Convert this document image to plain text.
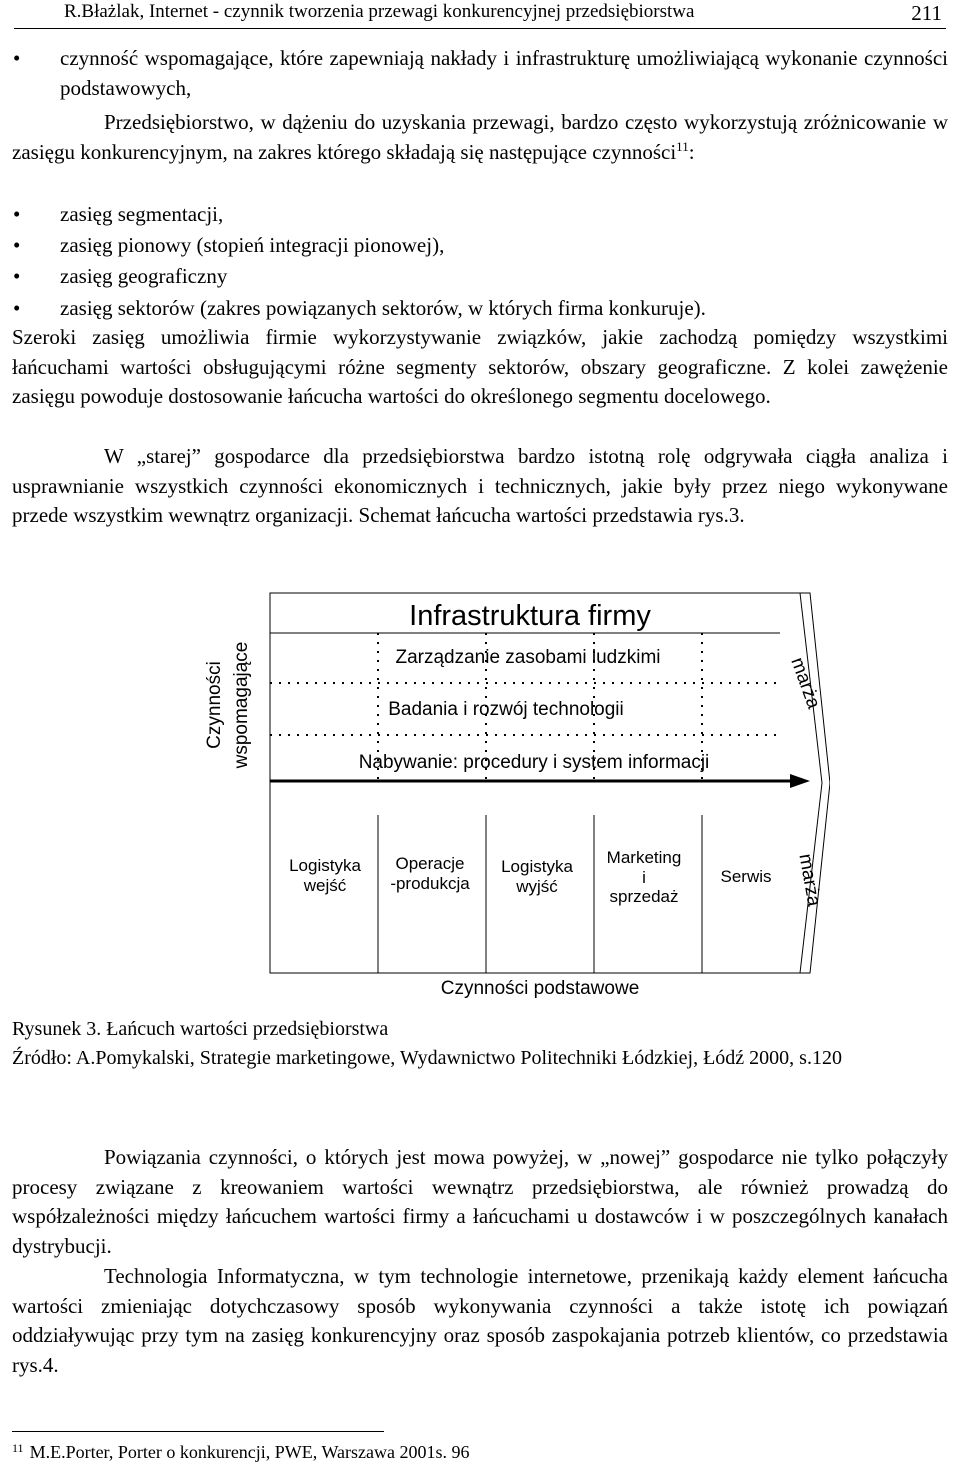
R.Błażlak, Internet - czynnik tworzenia przewagi konkurencyjnej przedsiębiorstwa	211
• czynność wspomagające, które zapewniają nakłady i infrastrukturę umożliwiającą wykonanie czynności podstawowych,

Przedsiębiorstwo, w dążeniu do uzyskania przewagi, bardzo często wykorzystują zróżnicowanie w zasięgu konkurencyjnym, na zakres którego składają się następujące czynności$^{11}$:

• zasięg segmentacji,
• zasięg pionowy (stopień integracji pionowej),
• zasięg geograficzny
• zasięg sektorów (zakres powiązanych sektorów, w których firma konkuruje).

Szeroki zasięg umożliwia firmie wykorzystywanie związków, jakie zachodzą pomiędzy wszystkimi łańcuchami wartości obsługującymi różne segmenty sektorów, obszary geograficzne. Z kolei zawężenie zasięgu powoduje dostosowanie łańcucha wartości do określonego segmentu docelowego.

W „starej” gospodarce dla przedsiębiorstwa bardzo istotną rolę odgrywała ciągła analiza i usprawnianie wszystkich czynności ekonomicznych i technicznych, jakie były przez niego wykonywane przede wszystkim wewnątrz organizacji. Schemat łańcucha wartości przedstawia rys.3.

Czynności wspomagające
Infrastruktura firmy
Zarządzanie zasobami ludzkimi
Badania i rozwój technologii
Nabywanie: procedury i system informacji
marża
marża
Logistyka
wejść
Operacje
-produkcja
Logistyka
wyjść
Marketing
i
sprzedaż
Serwis
Czynności podstawowe
Rysunek 3. Łańcuch wartości przedsiębiorstwa
Źródło: A.Pomykalski, Strategie marketingowe, Wydawnictwo Politechniki Łódzkiej, Łódź 2000, s.120

Powiązania czynności, o których jest mowa powyżej, w „nowej” gospodarce nie tylko połączyły procesy związane z kreowaniem wartości wewnątrz przedsiębiorstwa, ale również prowadzą do współzależności między łańcuchem wartości firmy a łańcuchami u dostawców i w poszczególnych kanałach dystrybucji.

Technologia Informatyczna, w tym technologie internetowe, przenikają każdy element łańcucha wartości zmieniając dotychczasowy sposób wykonywania czynności a także istotę ich powiązań oddziaływując przy tym na zasięg konkurencyjny oraz sposób zaspokajania potrzeb klientów, co przedstawia rys.4.

$^{11}$ M.E.Porter, Porter o konkurencji, PWE, Warszawa 2001s. 96
